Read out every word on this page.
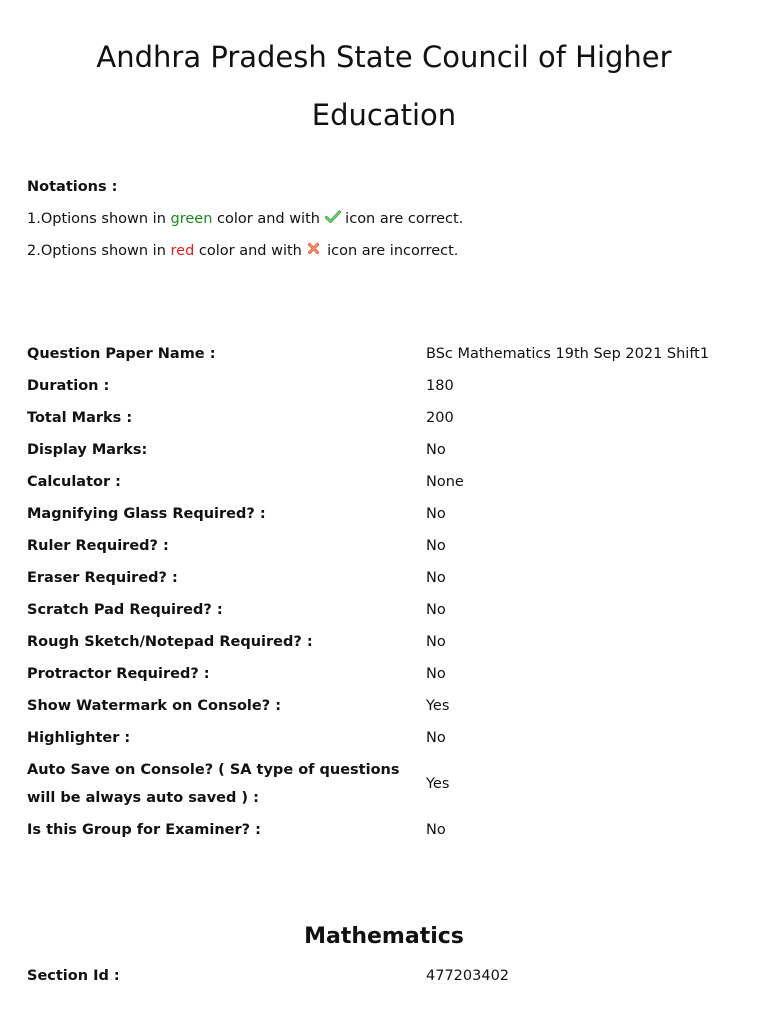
Andhra Pradesh State Council of Higher Education
Notations :
1.Options shown in green color and with  icon are correct.
2.Options shown in red color and with  icon are incorrect.
Question Paper Name :	BSc Mathematics 19th Sep 2021 Shift1
Duration :	180
Total Marks :	200
Display Marks:	No
Calculator :	None
Magnifying Glass Required? :	No
Ruler Required? :	No
Eraser Required? :	No
Scratch Pad Required? :	No
Rough Sketch/Notepad Required? :	No
Protractor Required? :	No
Show Watermark on Console? :	Yes
Highlighter :	No
Auto Save on Console? ( SA type of questions will be always auto saved ) :	Yes
Is this Group for Examiner? :	No
Mathematics
Section Id :	477203402
